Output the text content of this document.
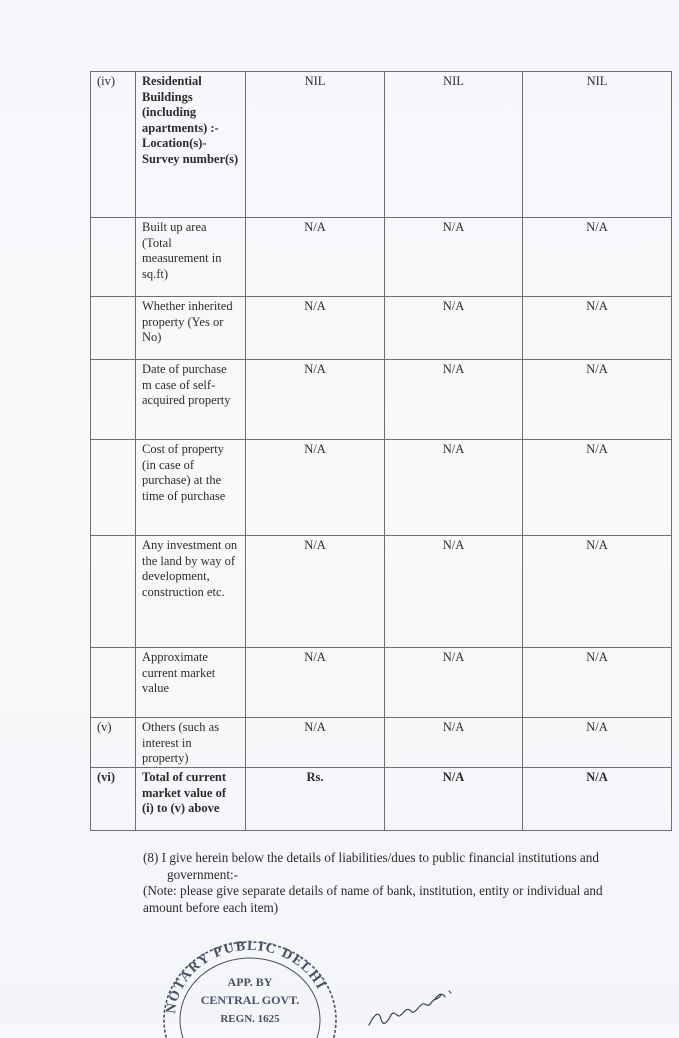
(iv)	Residential Buildings (including apartments) :- Location(s)- Survey number(s)	NIL	NIL	NIL
	Built up area (Total measurement in sq.ft)	N/A	N/A	N/A
	Whether inherited property (Yes or No)	N/A	N/A	N/A
	Date of purchase m case of self-acquired property	N/A	N/A	N/A
	Cost of property (in case of purchase) at the time of purchase	N/A	N/A	N/A
	Any investment on the land by way of development, construction etc.	N/A	N/A	N/A
	Approximate current market value	N/A	N/A	N/A
(v)	Others (such as interest in property)	N/A	N/A	N/A
(vi)	Total of current market value of (i) to (v) above	Rs.	N/A	N/A

(8) I give herein below the details of liabilities/dues to public financial institutions and

government:-

(Note: please give separate details of name of bank, institution, entity or individual and

amount before each item)

NOTARY PUBLIC DELHI
APP. BY
CENTRAL GOVT.
REGN. 1625
